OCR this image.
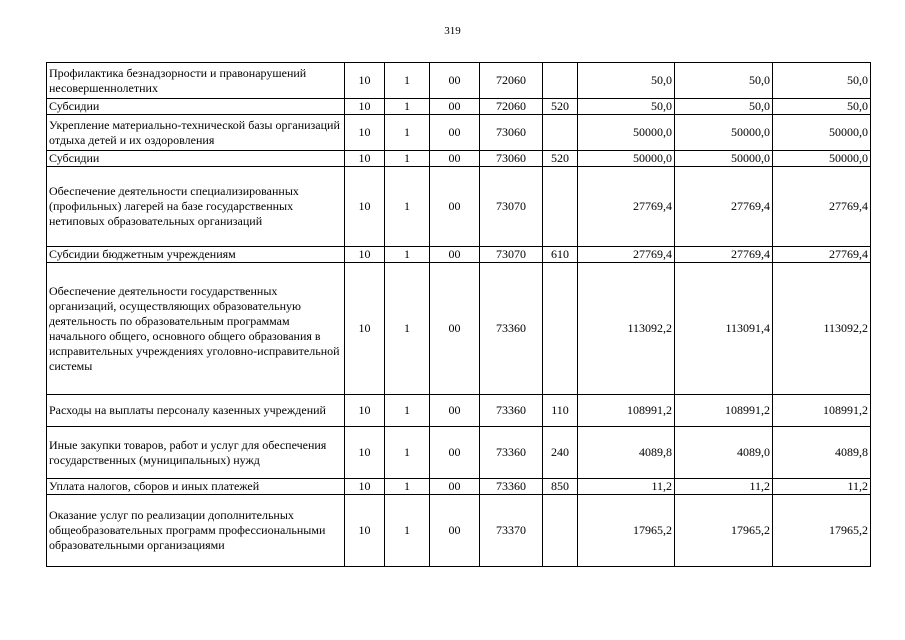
319
Профилактика безнадзорности и правонарушений несовершеннолетних	10	1	00	72060		50,0	50,0	50,0
Субсидии	10	1	00	72060	520	50,0	50,0	50,0
Укрепление материально-технической базы организаций отдыха детей и их оздоровления	10	1	00	73060		50000,0	50000,0	50000,0
Субсидии	10	1	00	73060	520	50000,0	50000,0	50000,0
Обеспечение деятельности специализированных (профильных) лагерей на базе государственных нетиповых образовательных организаций	10	1	00	73070		27769,4	27769,4	27769,4
Субсидии бюджетным учреждениям	10	1	00	73070	610	27769,4	27769,4	27769,4
Обеспечение деятельности государственных организаций, осуществляющих образовательную деятельность по образовательным программам начального общего, основного общего образования в исправительных учреждениях уголовно-исправительной системы	10	1	00	73360		113092,2	113091,4	113092,2
Расходы на выплаты персоналу казенных учреждений	10	1	00	73360	110	108991,2	108991,2	108991,2
Иные закупки товаров, работ и услуг для обеспечения государственных (муниципальных) нужд	10	1	00	73360	240	4089,8	4089,0	4089,8
Уплата налогов, сборов и иных платежей	10	1	00	73360	850	11,2	11,2	11,2
Оказание услуг по реализации дополнительных общеобразовательных программ профессиональными образовательными организациями	10	1	00	73370		17965,2	17965,2	17965,2
